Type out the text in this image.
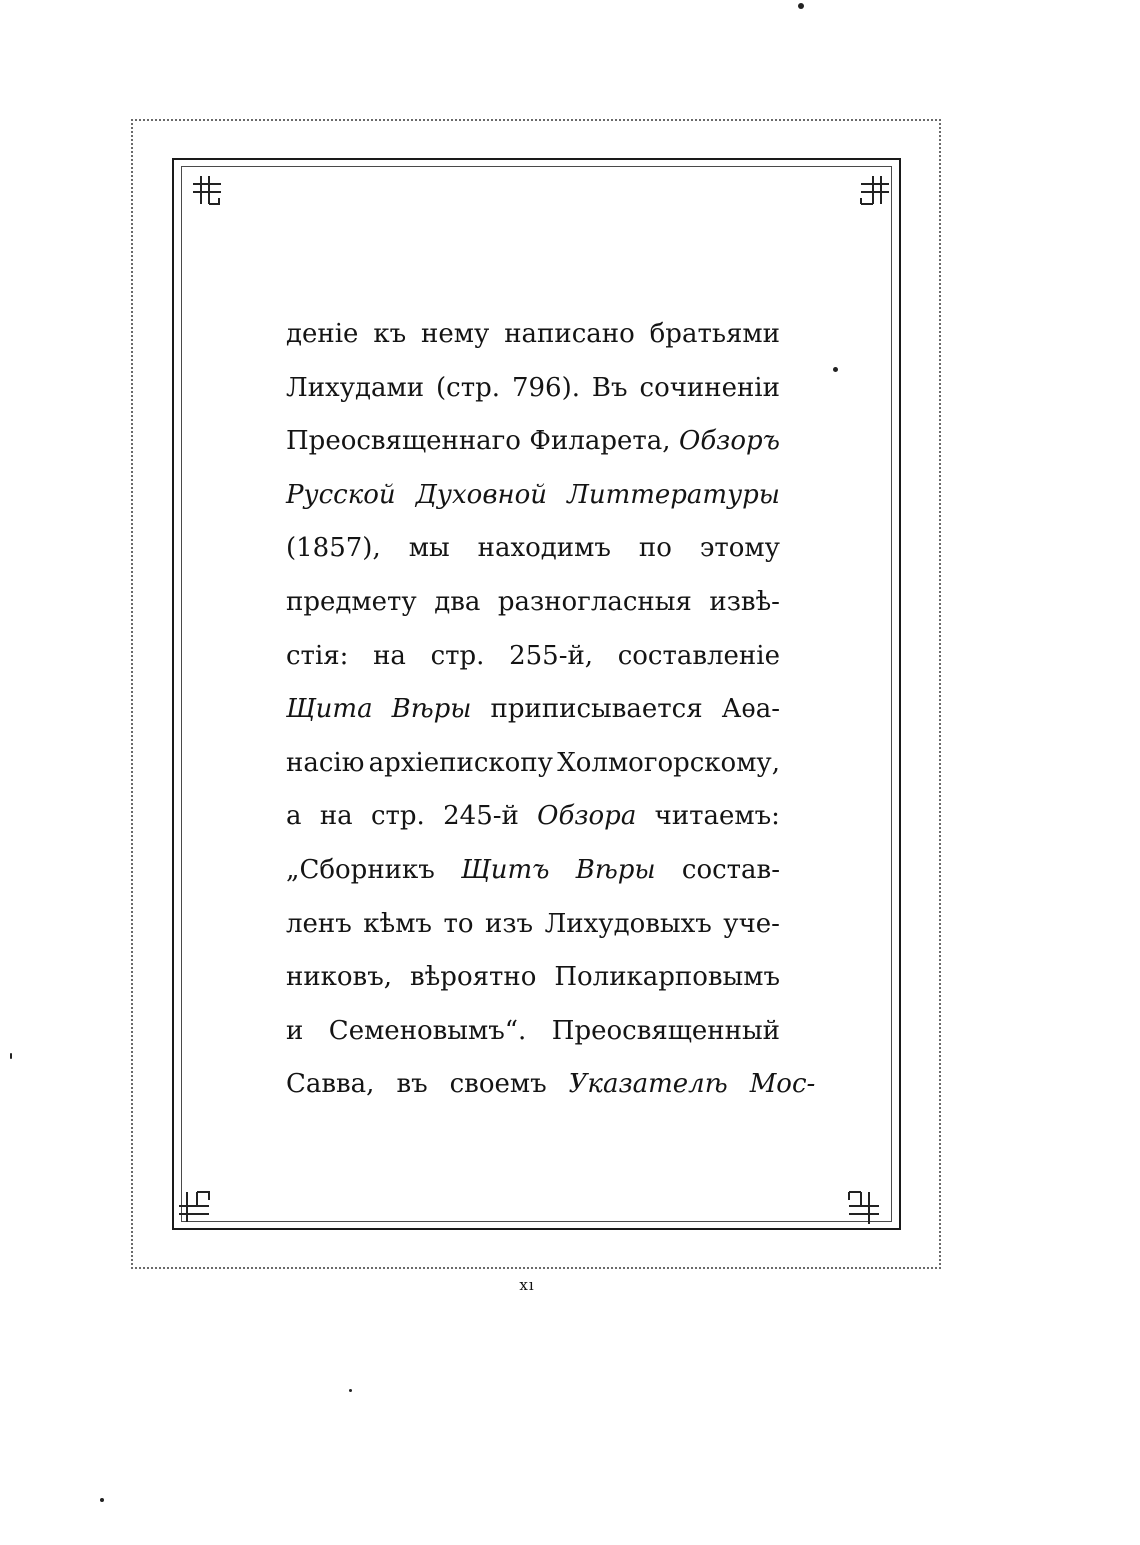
деніе къ нему написано братьями
Лихудами (стр. 796). Въ сочиненіи
Преосвященнаго Филарета, Обзоръ
Русской Духовной Литтературы
(1857), мы находимъ по этому
предмету два разногласныя извѣ-
стія: на стр. 255-й, составленіе
Щита Вѣры приписывается Аѳа-
насію архіепископу Холмогорскому,
а на стр. 245-й Обзора читаемъ:
„Сборникъ Щитъ Вѣры состав-
ленъ кѣмъ то изъ Лихудовыхъ уче-
никовъ, вѣроятно Поликарповымъ
и Семеновымъ“. Преосвященный
Савва, въ своемъ Указателѣ Мос-
xı
